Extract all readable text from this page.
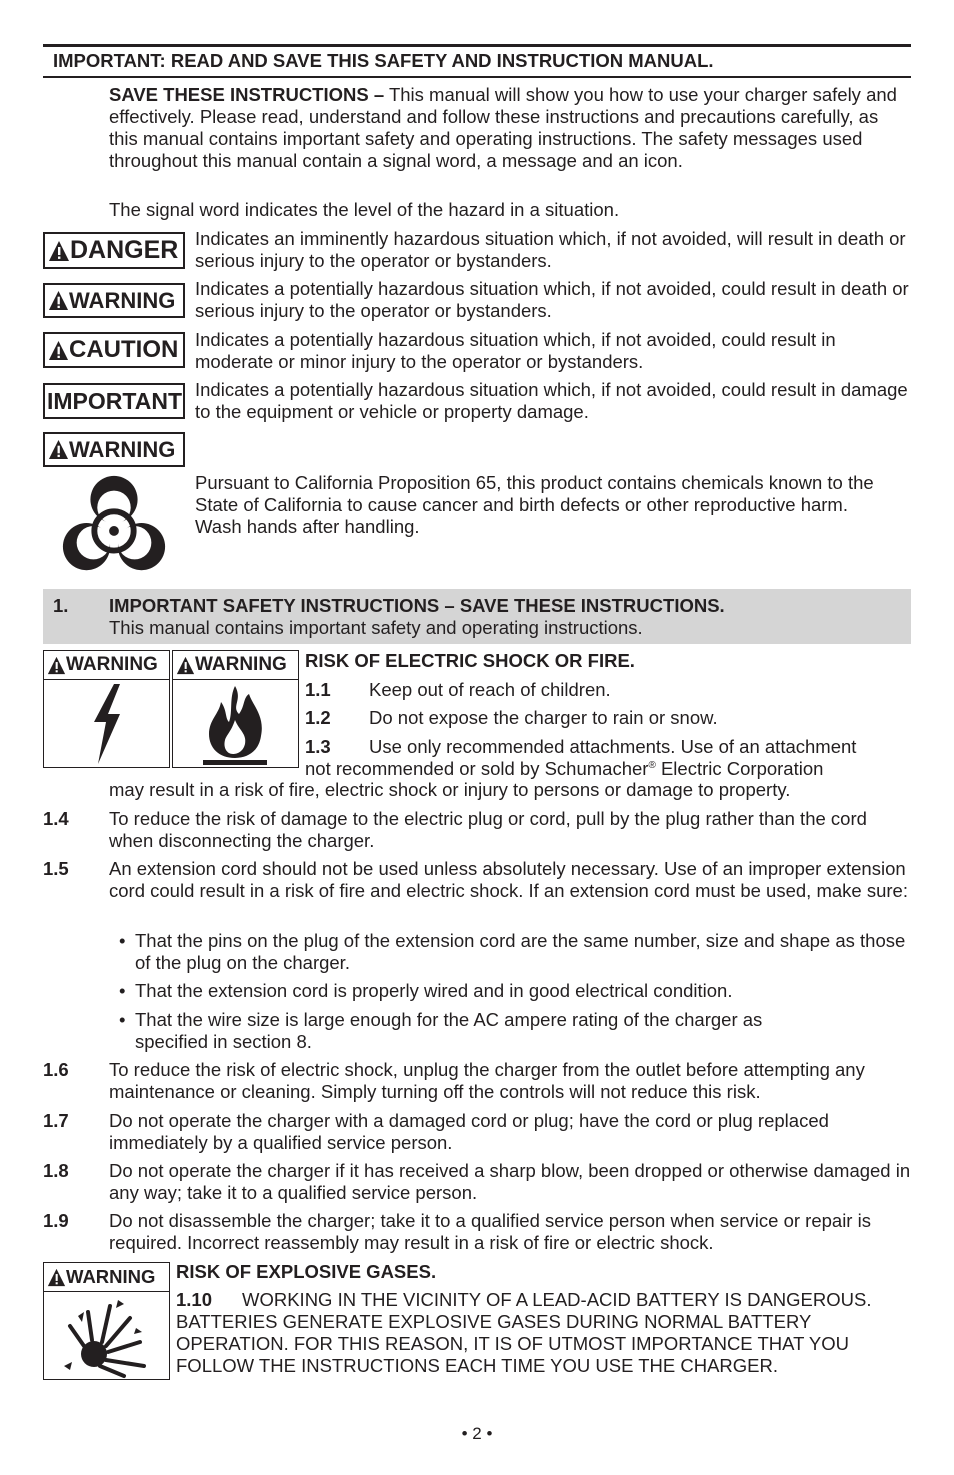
IMPORTANT: READ AND SAVE THIS SAFETY AND INSTRUCTION MANUAL.
SAVE THESE INSTRUCTIONS – This manual will show you how to use your charger safely and effectively. Please read, understand and follow these instructions and precautions carefully, as this manual contains important safety and operating instructions. The safety messages used throughout this manual contain a signal word, a message and an icon.
The signal word indicates the level of the hazard in a situation.
DANGER Indicates an imminently hazardous situation which, if not avoided, will result in death or serious injury to the operator or bystanders.
WARNING Indicates a potentially hazardous situation which, if not avoided, could result in death or serious injury to the operator or bystanders.
CAUTION Indicates a potentially hazardous situation which, if not avoided, could result in moderate or minor injury to the operator or bystanders.
IMPORTANT Indicates a potentially hazardous situation which, if not avoided, could result in damage to the equipment or vehicle or property damage.
WARNING
Pursuant to California Proposition 65, this product contains chemicals known to the State of California to cause cancer and birth defects or other reproductive harm. Wash hands after handling.
1. IMPORTANT SAFETY INSTRUCTIONS – SAVE THESE INSTRUCTIONS.
This manual contains important safety and operating instructions.
WARNING WARNING RISK OF ELECTRIC SHOCK OR FIRE.
1.1 Keep out of reach of children.
1.2 Do not expose the charger to rain or snow.
1.3 Use only recommended attachments. Use of an attachment
not recommended or sold by Schumacher® Electric Corporation
may result in a risk of fire, electric shock or injury to persons or damage to property.
1.4 To reduce the risk of damage to the electric plug or cord, pull by the plug rather than the cord when disconnecting the charger.
1.5 An extension cord should not be used unless absolutely necessary. Use of an improper extension cord could result in a risk of fire and electric shock. If an extension cord must be used, make sure:
• That the pins on the plug of the extension cord are the same number, size and shape as those of the plug on the charger.
• That the extension cord is properly wired and in good electrical condition.
• That the wire size is large enough for the AC ampere rating of the charger as specified in section 8.
1.6 To reduce the risk of electric shock, unplug the charger from the outlet before attempting any maintenance or cleaning. Simply turning off the controls will not reduce this risk.
1.7 Do not operate the charger with a damaged cord or plug; have the cord or plug replaced immediately by a qualified service person.
1.8 Do not operate the charger if it has received a sharp blow, been dropped or otherwise damaged in any way; take it to a qualified service person.
1.9 Do not disassemble the charger; take it to a qualified service person when service or repair is required. Incorrect reassembly may result in a risk of fire or electric shock.
WARNING RISK OF EXPLOSIVE GASES.
1.10 WORKING IN THE VICINITY OF A LEAD-ACID BATTERY IS DANGEROUS.
BATTERIES GENERATE EXPLOSIVE GASES DURING NORMAL BATTERY OPERATION. FOR THIS REASON, IT IS OF UTMOST IMPORTANCE THAT YOU FOLLOW THE INSTRUCTIONS EACH TIME YOU USE THE CHARGER.
• 2 •
